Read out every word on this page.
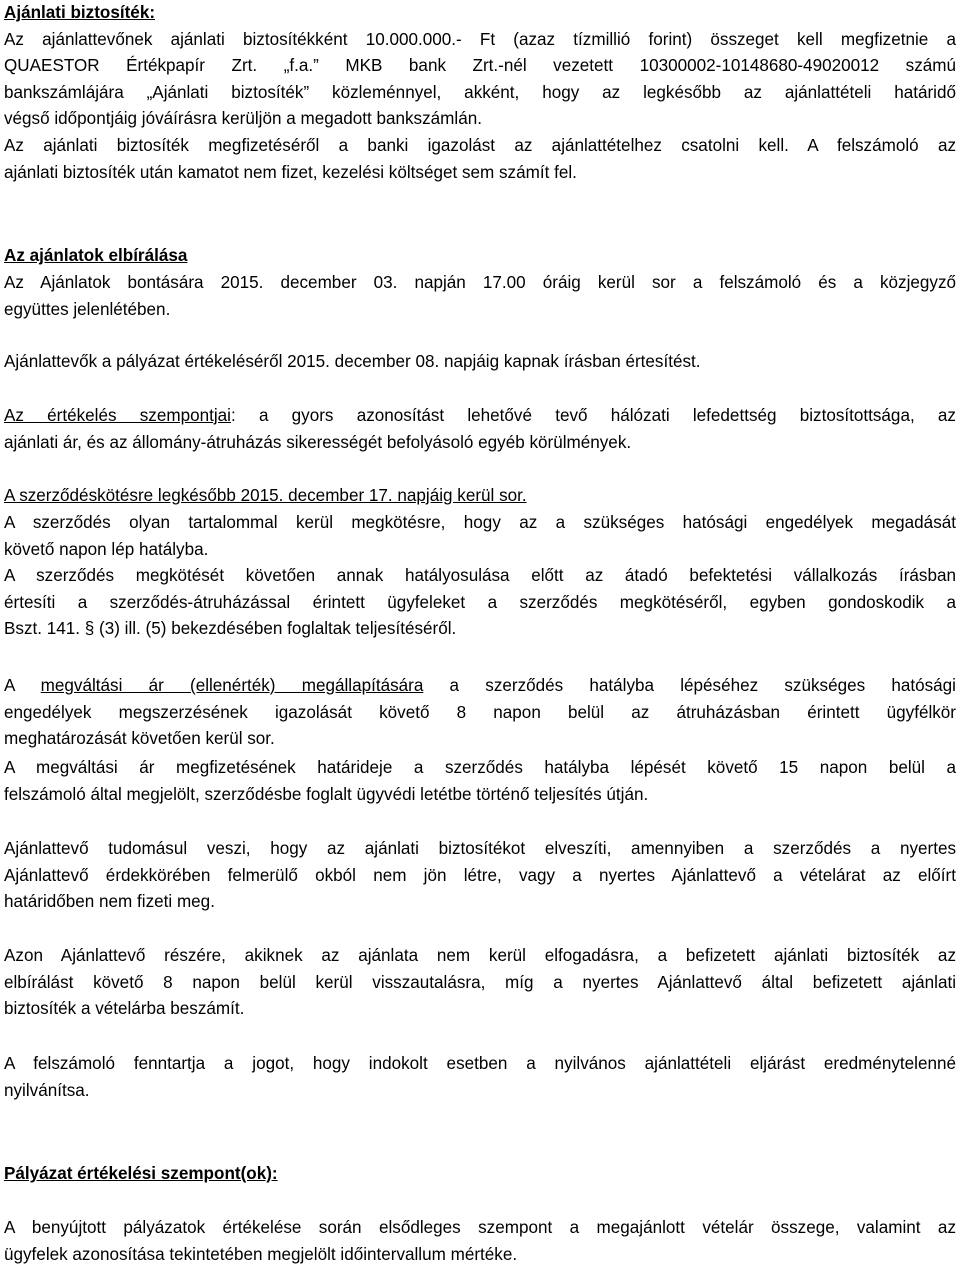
Ajánlati biztosíték:
Az ajánlattevőnek ajánlati biztosítékként 10.000.000.- Ft (azaz tízmillió forint) összeget kell megfizetnie a
QUAESTOR Értékpapír Zrt. „f.a.” MKB bank Zrt.-nél vezetett 10300002-10148680-49020012 számú
bankszámlájára „Ajánlati biztosíték” közleménnyel, akként, hogy az legkésőbb az ajánlattételi határidő
végső időpontjáig jóváírásra kerüljön a megadott bankszámlán.
Az ajánlati biztosíték megfizetéséről a banki igazolást az ajánlattételhez csatolni kell. A felszámoló az
ajánlati biztosíték után kamatot nem fizet, kezelési költséget sem számít fel.
Az ajánlatok elbírálása
Az Ajánlatok bontására 2015. december 03. napján 17.00 óráig kerül sor a felszámoló és a közjegyző
együttes jelenlétében.
Ajánlattevők a pályázat értékeléséről 2015. december 08. napjáig kapnak írásban értesítést.
Az értékelés szempontjai: a gyors azonosítást lehetővé tevő hálózati lefedettség biztosítottsága, az
ajánlati ár, és az állomány-átruházás sikerességét befolyásoló egyéb körülmények.
A szerződéskötésre legkésőbb 2015. december 17. napjáig kerül sor.
A szerződés olyan tartalommal kerül megkötésre, hogy az a szükséges hatósági engedélyek megadását
követő napon lép hatályba.
A szerződés megkötését követően annak hatályosulása előtt az átadó befektetési vállalkozás írásban
értesíti a szerződés-átruházással érintett ügyfeleket a szerződés megkötéséről, egyben gondoskodik a
Bszt. 141. § (3) ill. (5) bekezdésében foglaltak teljesítéséről.
A megváltási ár (ellenérték) megállapítására a szerződés hatályba lépéséhez szükséges hatósági
engedélyek megszerzésének igazolását követő 8 napon belül az átruházásban érintett ügyfélkör
meghatározását követően kerül sor.
A megváltási ár megfizetésének határideje a szerződés hatályba lépését követő 15 napon belül a
felszámoló által megjelölt, szerződésbe foglalt ügyvédi letétbe történő teljesítés útján.
Ajánlattevő tudomásul veszi, hogy az ajánlati biztosítékot elveszíti, amennyiben a szerződés a nyertes
Ajánlattevő érdekkörében felmerülő okból nem jön létre, vagy a nyertes Ajánlattevő a vételárat az előírt
határidőben nem fizeti meg.
Azon Ajánlattevő részére, akiknek az ajánlata nem kerül elfogadásra, a befizetett ajánlati biztosíték az
elbírálást követő 8 napon belül kerül visszautalásra, míg a nyertes Ajánlattevő által befizetett ajánlati
biztosíték a vételárba beszámít.
A felszámoló fenntartja a jogot, hogy indokolt esetben a nyilvános ajánlattételi eljárást eredménytelenné
nyilvánítsa.
Pályázat értékelési szempont(ok):
A benyújtott pályázatok értékelése során elsődleges szempont a megajánlott vételár összege, valamint az
ügyfelek azonosítása tekintetében megjelölt időintervallum mértéke.
